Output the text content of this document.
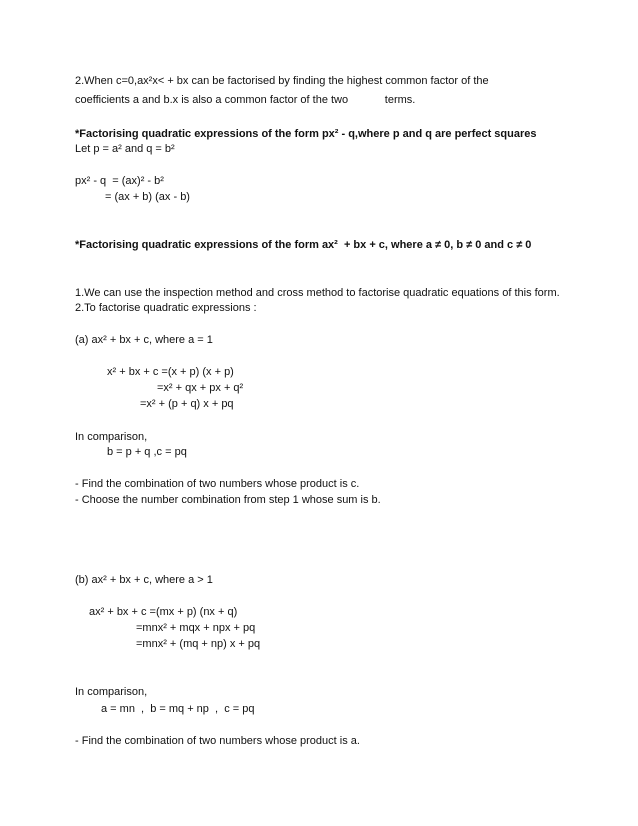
2.When c=0,ax²x< + bx can be factorised by finding the highest common factor of the
coefficients a and b.x is also a common factor of the two            terms.
*Factorising quadratic expressions of the form px² - q,where p and q are perfect squares
Let p = a² and q = b²
px² - q  = (ax)² - b²
= (ax + b) (ax - b)
*Factorising quadratic expressions of the form ax²  + bx + c, where a ≠ 0, b ≠ 0 and c ≠ 0
1.We can use the inspection method and cross method to factorise quadratic equations of this form.
2.To factorise quadratic expressions :
(a) ax² + bx + c, where a = 1
x² + bx + c =(x + p) (x + p)
=x² + qx + px + q²
=x² + (p + q) x + pq
In comparison,
b = p + q ,c = pq
- Find the combination of two numbers whose product is c.
- Choose the number combination from step 1 whose sum is b.
(b) ax² + bx + c, where a > 1
ax² + bx + c =(mx + p) (nx + q)
=mnx² + mqx + npx + pq
=mnx² + (mq + np) x + pq
In comparison,
a = mn  ,  b = mq + np  ,  c = pq
- Find the combination of two numbers whose product is a.
